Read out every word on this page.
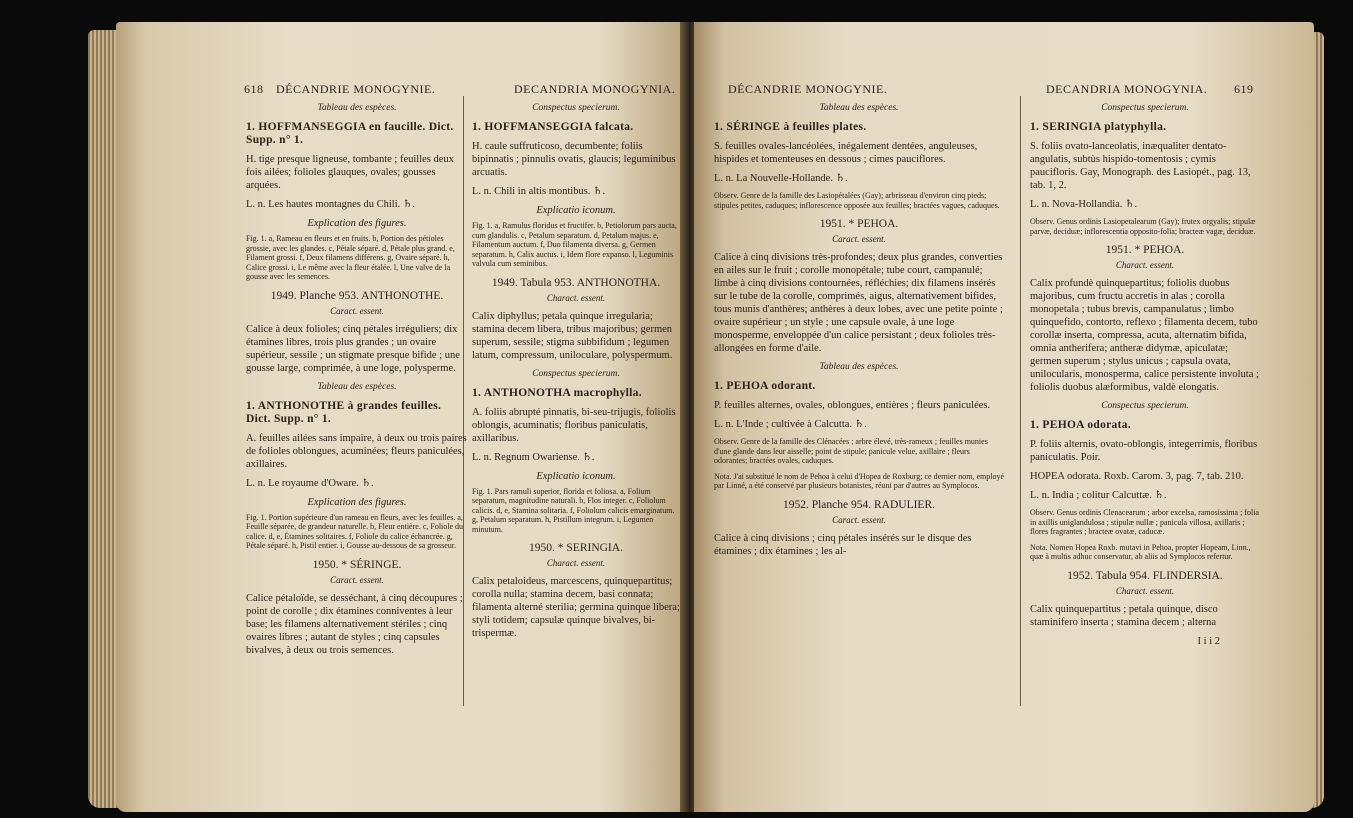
618 DÉCANDRIE MONOGYNIE.	DECANDRIA MONOGYNIA.
Tableau des espèces.
1. HOFFMANSEGGIA en faucille. Dict. Supp. n° 1.
H. tige presque ligneuse, tombante ; feuilles deux fois ailées; folioles glauques, ovales; gousses arquées.
L. n. Les hautes montagnes du Chili. ♄.
Explication des figures.
Fig. 1. a, Rameau en fleurs et en fruits. b, Portion des pétioles grossie, avec les glandes. c, Pétale séparé. d, Pétale plus grand. e, Filament grossi. f, Deux filamens différens. g, Ovaire séparé. h, Calice grossi. i, Le même avec la fleur étalée. l, Une valve de la gousse avec les semences.
1949. Planche 953. ANTHONOTHE.
Caract. essent.
Calice à deux folioles; cinq pétales irréguliers; dix étamines libres, trois plus grandes ; un ovaire supérieur, sessile ; un stigmate presque bifide ; une gousse large, comprimée, à une loge, polysperme.
Tableau des espèces.
1. ANTHONOTHE à grandes feuilles. Dict. Supp. n° 1.
A. feuilles ailées sans impaire, à deux ou trois paires de folioles oblongues, acuminées; fleurs paniculées, axillaires.
L. n. Le royaume d'Oware. ♄.
Explication des figures.
Fig. 1. Portion supérieure d'un rameau en fleurs, avec les feuilles. a, Feuille séparée, de grandeur naturelle. b, Fleur entière. c, Foliole du calice. d, e, Étamines solitaires. f, Foliole du calice échancrée. g, Pétale séparé. h, Pistil entier. i, Gousse au-dessous de sa grosseur.
1950. * SÉRINGE.
Caract. essent.
Calice pétaloïde, se desséchant, à cinq découpures ; point de corolle ; dix étamines conniventes à leur base; les filamens alternativement stériles ; cinq ovaires libres ; autant de styles ; cinq capsules bivalves, à deux ou trois semences.
Conspectus specierum.
1. HOFFMANSEGGIA falcata.
H. caule suffruticoso, decumbente; foliis bipinnatis ; pinnulis ovatis, glaucis; leguminibus arcuatis.
L. n. Chili in altis montibus. ♄.
Explicatio iconum.
Fig. 1. a, Ramulus floridus et fructifer. b, Petiolorum pars aucta, cum glandulis. c, Petalum separatum. d, Petalum majus. e, Filamentum auctum. f, Duo filamenta diversa. g, Germen separatum. h, Calix auctus. i, Idem flore expanso. l, Leguminis valvula cum seminibus.
1949. Tabula 953. ANTHONOTHA.
Charact. essent.
Calix diphyllus; petala quinque irregularia; stamina decem libera, tribus majoribus; germen superum, sessile; stigma subbifidum ; legumen latum, compressum, uniloculare, polyspermum.
Conspectus specierum.
1. ANTHONOTHA macrophylla.
A. foliis abrupté pinnatis, bi-seu-trijugis, foliolis oblongis, acuminatis; floribus paniculatis, axillaribus.
L. n. Regnum Owariense. ♄.
Explicatio iconum.
Fig. 1. Pars ramuli superior, florida et foliosa. a, Folium separatum, magnitudine naturali. b, Flos integer. c, Foliolum calicis. d, e, Stamina solitaria. f, Foliolum calicis emarginatum. g, Petalum separatum. h, Pistillum integrum. i, Legumen minutum.
1950. * SERINGIA.
Charact. essent.
Calix petaloideus, marcescens, quinquepartitus; corolla nulla; stamina decem, basi connata; filamenta alterné sterilia; germina quinque libera; styli totidem; capsulæ quinque bivalves, bi-trispermæ.
DÉCANDRIE MONOGYNIE.	DECANDRIA MONOGYNIA. 619
Tableau des espèces.
1. SÉRINGE à feuilles plates.
S. feuilles ovales-lancéolées, inégalement dentées, anguleuses, hispides et tomenteuses en dessous ; cimes pauciflores.
L. n. La Nouvelle-Hollande. ♄.
Observ. Genre de la famille des Lasiopétalées (Gay); arbrisseau d'environ cinq pieds; stipules petites, caduques; inflorescence opposée aux feuilles; bractées vagues, caduques.
1951. * PEHOA.
Caract. essent.
Calice à cinq divisions très-profondes; deux plus grandes, converties en ailes sur le fruit ; corolle monopétale; tube court, campanulé; limbe à cinq divisions contournées, réfléchies; dix filamens insérés sur le tube de la corolle, comprimés, aigus, alternativement bifides, tous munis d'anthères; anthères à deux lobes, avec une petite pointe ; ovaire supérieur ; un style ; une capsule ovale, à une loge monosperme, enveloppée d'un calice persistant ; deux folioles très-allongées en forme d'aile.
Tableau des espèces.
1. PEHOA odorant.
P. feuilles alternes, ovales, oblongues, entières ; fleurs paniculées.
L. n. L'Inde ; cultivée à Calcutta. ♄.
Observ. Genre de la famille des Clénacées ; arbre élevé, très-rameux ; feuilles munies d'une glande dans leur aisselle; point de stipule; panicule velue, axillaire ; fleurs odorantes; bractées ovales, caduques.
Nota. J'ai substitué le nom de Pehoa à celui d'Hopea de Roxburg; ce dernier nom, employé par Linné, a été conservé par plusieurs botanistes, réuni par d'autres au Symplocos.
1952. Planche 954. RADULIER.
Caract. essent.
Calice à cinq divisions ; cinq pétales insérés sur le disque des étamines ; dix étamines ; les al-
Conspectus specierum.
1. SERINGIA platyphylla.
S. foliis ovato-lanceolatis, inæqualiter dentato-angulatis, subtùs hispido-tomentosis ; cymis paucifloris. Gay, Monograph. des Lasiopét., pag. 13, tab. 1, 2.
L. n. Nova-Hollandia. ♄.
Observ. Genus ordinis Lasiopetalearum (Gay); frutex orgyalis; stipulæ parvæ, deciduæ; inflorescentia opposito-folia; bracteæ vagæ, deciduæ.
1951. * PEHOA.
Charact. essent.
Calix profundè quinquepartitus; foliolis duobus majoribus, cum fructu accretis in alas ; corolla monopetala ; tubus brevis, campanulatus ; limbo quinquefido, contorto, reflexo ; filamenta decem, tubo corollæ inserta, compressa, acuta, alternatim bifida, omnia antherifera; antheræ didymæ, apiculatæ; germen superum ; stylus unicus ; capsula ovata, unilocularis, monosperma, calice persistente involuta ; foliolis duobus alæformibus, valdè elongatis.
Conspectus specierum.
1. PEHOA odorata.
P. foliis alternis, ovato-oblongis, integerrimis, floribus paniculatis. Poir.
HOPEA odorata. Roxb. Carom. 3, pag. 7, tab. 210.
L. n. India ; colitur Calcuttæ. ♄.
Observ. Genus ordinis Clenacearum ; arbor excelsa, ramosissima ; folia in axillis uniglandulosa ; stipulæ nullæ ; panicula villosa, axillaris ; flores fragrantes ; bracteæ ovatæ, caducæ.
Nota. Nomen Hopea Roxb. mutavi in Pehoa, propter Hopeam, Linn., quæ à multis adhuc conservatur, ab aliis ad Symplocos refertur.
1952. Tabula 954. FLINDERSIA.
Charact. essent.
Calix quinquepartitus ; petala quinque, disco staminifero inserta ; stamina decem ; alterna
I i i 2
